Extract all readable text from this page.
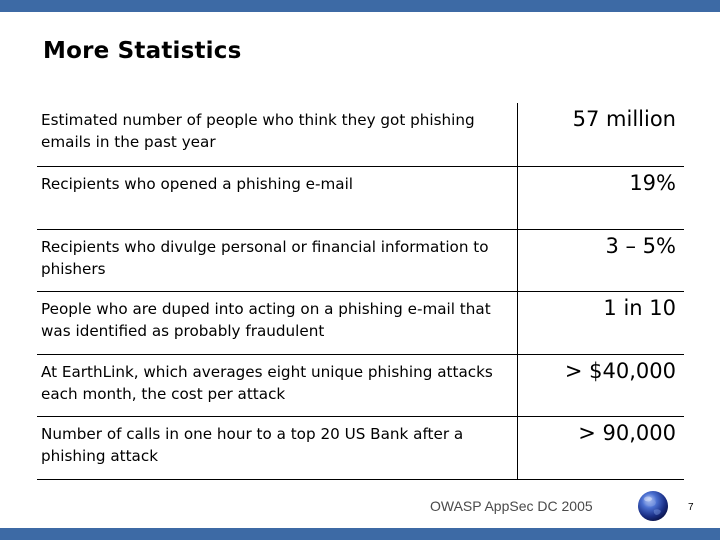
More Statistics
Estimated number of people who think they got phishing emails in the past year	57 million
Recipients who opened a phishing e-mail	19%
Recipients who divulge personal or financial information to phishers	3 – 5%
People who are duped into acting on a phishing e-mail that was identified as probably fraudulent	1 in 10
At EarthLink, which averages eight unique phishing attacks each month, the cost per attack	> $40,000
Number of calls in one hour to a top 20 US Bank after a phishing attack	> 90,000
OWASP AppSec DC 2005	7
